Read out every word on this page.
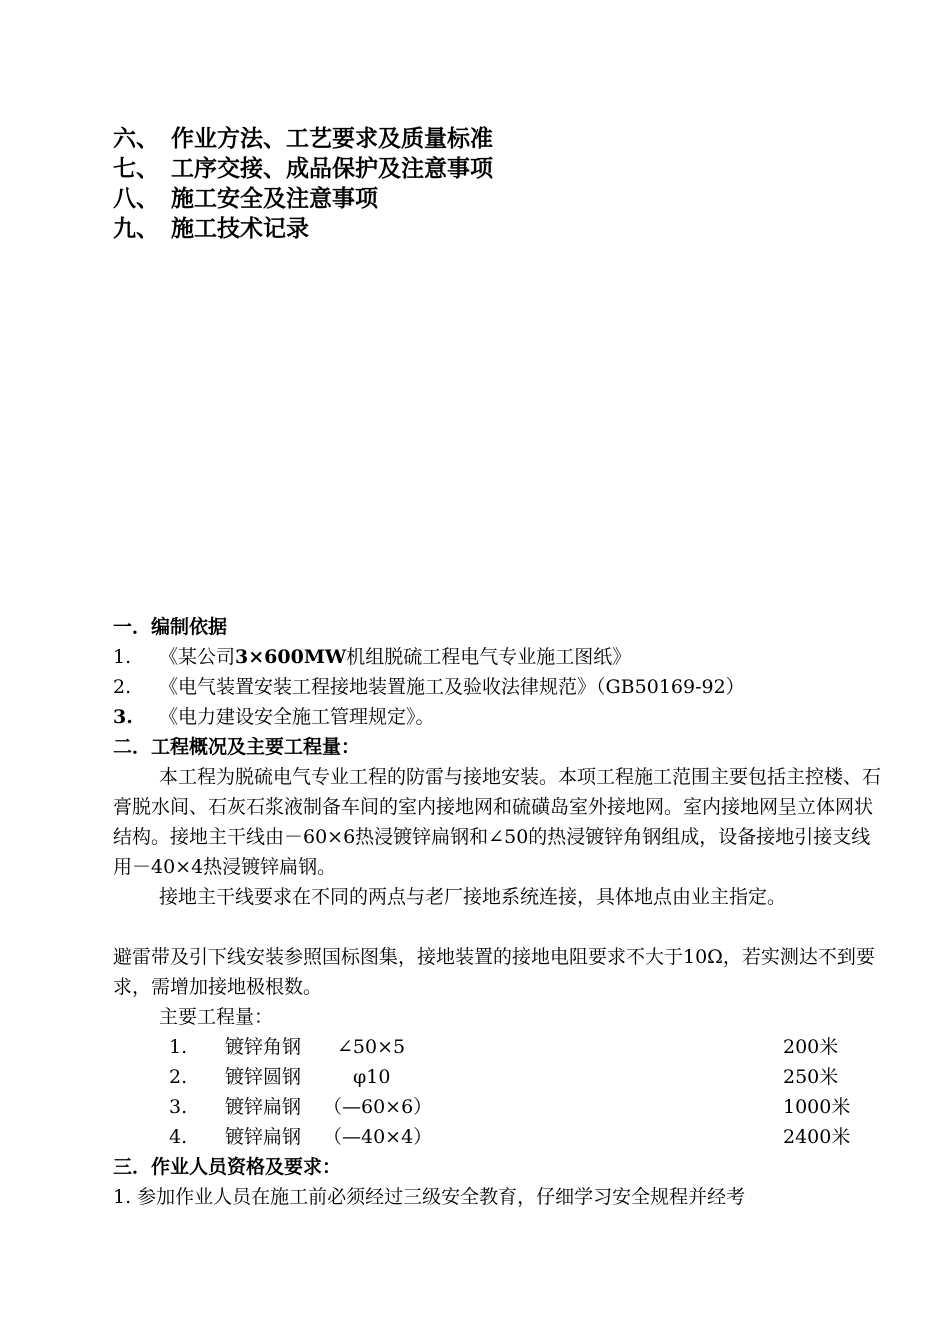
六、 作业方法、工艺要求及质量标准
七、 工序交接、成品保护及注意事项
八、 施工安全及注意事项
九、 施工技术记录
一．编制依据
1. 《某公司3×600MW机组脱硫工程电气专业施工图纸》
2. 《电气装置安装工程接地装置施工及验收法律规范》（GB50169-92）
3. 《电力建设安全施工管理规定》。
二．工程概况及主要工程量：

本工程为脱硫电气专业工程的防雷与接地安装。本项工程施工范围主要包括主控楼、石膏脱水间、石灰石浆液制备车间的室内接地网和硫磺岛室外接地网。室内接地网呈立体网状结构。接地主干线由－60×6热浸镀锌扁钢和∠50的热浸镀锌角钢组成，设备接地引接支线用－40×4热浸镀锌扁钢。

接地主干线要求在不同的两点与老厂接地系统连接，具体地点由业主指定。

避雷带及引下线安装参照国标图集，接地装置的接地电阻要求不大于10Ω，若实测达不到要求，需增加接地极根数。

主要工程量：
1. 镀锌角钢 ∠50×5	200米
2. 镀锌圆钢	φ10	250米
3. 镀锌扁钢 （—60×6）	1000米
4. 镀锌扁钢 （—40×4）	2400米
三．作业人员资格及要求：
1. 参加作业人员在施工前必须经过三级安全教育，仔细学习安全规程并经考
